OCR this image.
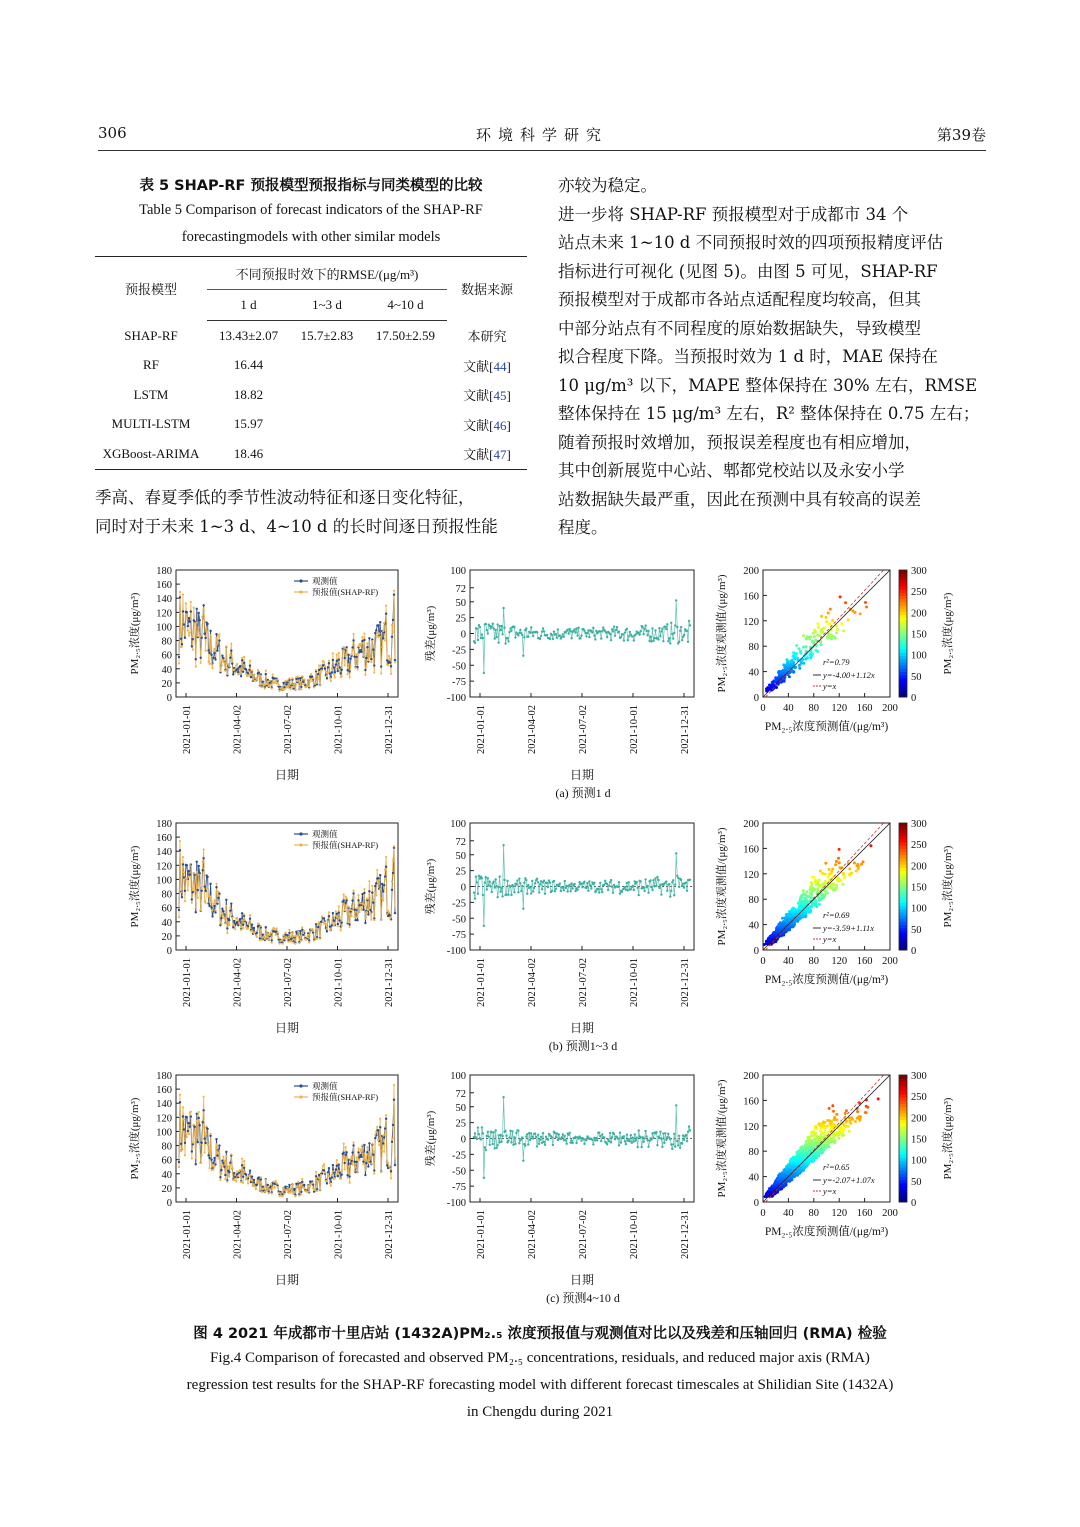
306	环境科学研究	第39卷
表 5 SHAP-RF 预报模型预报指标与同类模型的比较
Table 5 Comparison of forecast indicators of the SHAP-RF
forecastingmodels with other similar models
预报模型	不同预报时效下的RMSE/(μg/m³)			数据来源
	1 d	1~3 d	4~10 d	
SHAP-RF	13.43±2.07	15.7±2.83	17.50±2.59	本研究
RF	16.44			文献[44]
LSTM	18.82			文献[45]
MULTI-LSTM	15.97			文献[46]
XGBoost-ARIMA	18.46			文献[47]
季高、春夏季低的季节性波动特征和逐日变化特征，
同时对于未来 1~3 d、4~10 d 的长时间逐日预报性能
亦较为稳定。
进一步将 SHAP-RF 预报模型对于成都市 34 个
站点未来 1~10 d 不同预报时效的四项预报精度评估
指标进行可视化 (见图 5)。由图 5 可见，SHAP-RF
预报模型对于成都市各站点适配程度均较高，但其
中部分站点有不同程度的原始数据缺失，导致模型
拟合程度下降。当预报时效为 1 d 时，MAE 保持在
10 μg/m³ 以下，MAPE 整体保持在 30% 左右，RMSE
整体保持在 15 μg/m³ 左右，R² 整体保持在 0.75 左右；
随着预报时效增加，预报误差程度也有相应增加，
其中创新展览中心站、郫都党校站以及永安小学
站数据缺失最严重，因此在预测中具有较高的误差
程度。
0
20
40
60
80
100
120
140
160
180
观测值
预报值(SHAP-RF)
2021-01-01	2021-04-02	2021-07-02	2021-10-01	2021-12-31
日期
PM₂.₅浓度(μg/m³)
-100
-75
-50
-25
0
25
50
72
100
2021-01-01	2021-04-02	2021-07-02	2021-10-01	2021-12-31
日期
残差(μg/m³)
(a) 预测1 d
0
0
40
40
80
80
120
120
160
160
200
200
r²=0.79
y=-4.00+1.12x
y=x
PM₂.₅浓度预测值/(μg/m³)
PM₂.₅浓度观测值/(μg/m³)
0
50
100
150
200
250
300
PM₂.₅浓度(μg/m³)
0
20
40
60
80
100
120
140
160
180
观测值
预报值(SHAP-RF)
2021-01-01	2021-04-02	2021-07-02	2021-10-01	2021-12-31
日期
PM₂.₅浓度(μg/m³)
-100
-75
-50
-25
0
25
50
72
100
2021-01-01	2021-04-02	2021-07-02	2021-10-01	2021-12-31
日期
残差(μg/m³)
(b) 预测1~3 d
0
0
40
40
80
80
120
120
160
160
200
200
r²=0.69
y=-3.59+1.11x
y=x
PM₂.₅浓度预测值/(μg/m³)
PM₂.₅浓度观测值/(μg/m³)
0
50
100
150
200
250
300
PM₂.₅浓度(μg/m³)
0
20
40
60
80
100
120
140
160
180
观测值
预报值(SHAP-RF)
2021-01-01	2021-04-02	2021-07-02	2021-10-01	2021-12-31
日期
PM₂.₅浓度(μg/m³)
-100
-75
-50
-25
0
25
50
72
100
2021-01-01	2021-04-02	2021-07-02	2021-10-01	2021-12-31
日期
残差(μg/m³)
(c) 预测4~10 d
0
0
40
40
80
80
120
120
160
160
200
200
r²=0.65
y=-2.07+1.07x
y=x
PM₂.₅浓度预测值/(μg/m³)
PM₂.₅浓度观测值/(μg/m³)
0
50
100
150
200
250
300
PM₂.₅浓度(μg/m³)
图 4 2021 年成都市十里店站 (1432A)PM₂.₅ 浓度预报值与观测值对比以及残差和压轴回归 (RMA) 检验
Fig.4 Comparison of forecasted and observed PM₂.₅ concentrations, residuals, and reduced major axis (RMA)
regression test results for the SHAP-RF forecasting model with different forecast timescales at Shilidian Site (1432A)
in Chengdu during 2021
